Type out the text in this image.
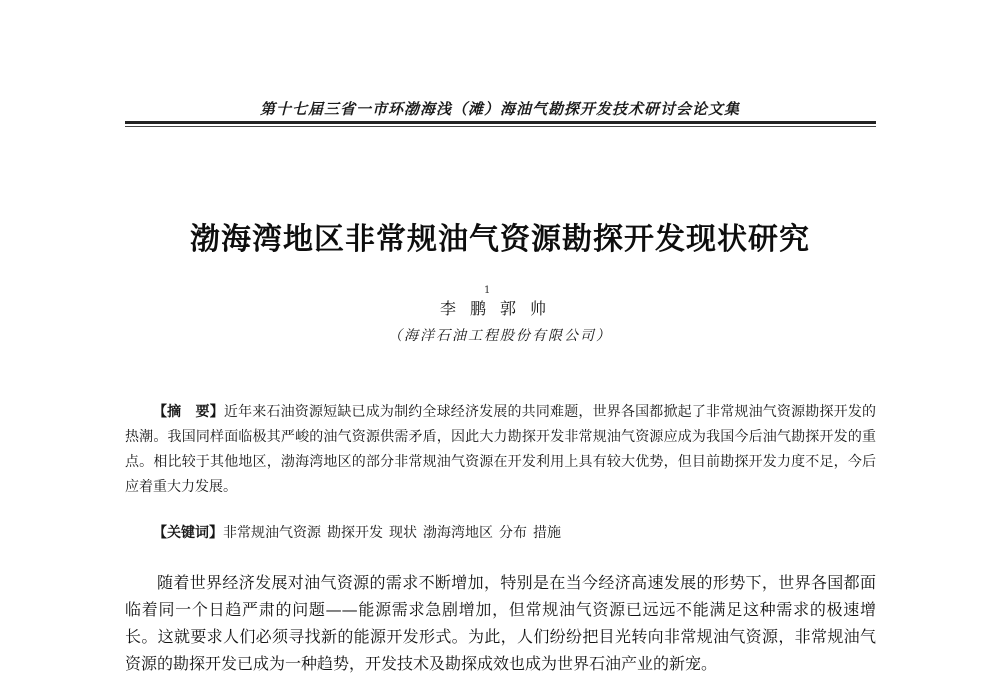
第十七届三省一市环渤海浅（滩）海油气勘探开发技术研讨会论文集
渤海湾地区非常规油气资源勘探开发现状研究
1
李鹏郭帅
（海洋石油工程股份有限公司）

【摘　要】近年来石油资源短缺已成为制约全球经济发展的共同难题，世界各国都掀起了非常规油气资源勘探开发的热潮。我国同样面临极其严峻的油气资源供需矛盾，因此大力勘探开发非常规油气资源应成为我国今后油气勘探开发的重点。相比较于其他地区，渤海湾地区的部分非常规油气资源在开发利用上具有较大优势，但目前勘探开发力度不足，今后应着重大力发展。

【关键词】非常规油气资源 勘探开发 现状 渤海湾地区 分布 措施

随着世界经济发展对油气资源的需求不断增加，特别是在当今经济高速发展的形势下，世界各国都面临着同一个日趋严肃的问题——能源需求急剧增加，但常规油气资源已远远不能满足这种需求的极速增长。这就要求人们必须寻找新的能源开发形式。为此，人们纷纷把目光转向非常规油气资源，非常规油气资源的勘探开发已成为一种趋势，开发技术及勘探成效也成为世界石油产业的新宠。
